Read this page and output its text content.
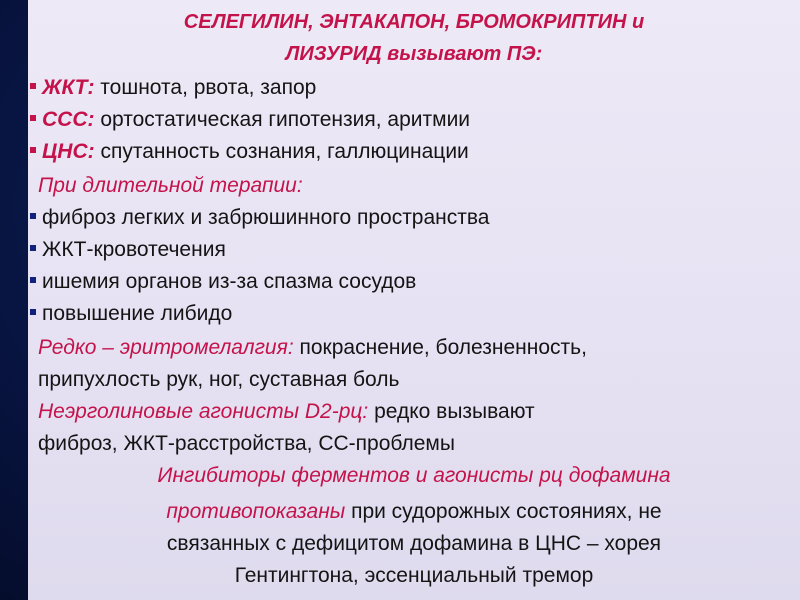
СЕЛЕГИЛИН, ЭНТАКАПОН, БРОМОКРИПТИН и
ЛИЗУРИД вызывают ПЭ:
ЖКТ: тошнота, рвота, запор
ССС: ортостатическая гипотензия, аритмии
ЦНС: спутанность сознания, галлюцинации
При длительной терапии:
фиброз легких и забрюшинного пространства
ЖКТ-кровотечения
ишемия органов из-за спазма сосудов
повышение либидо
Редко – эритромелалгия: покраснение, болезненность,
припухлость рук, ног, суставная боль
Неэрголиновые агонисты D2-рц: редко вызывают
фиброз, ЖКТ-расстройства, СС-проблемы
Ингибиторы ферментов и агонисты рц дофамина
противопоказаны при судорожных состояниях, не
связанных с дефицитом дофамина в ЦНС – хорея
Гентингтона, эссенциальный тремор
